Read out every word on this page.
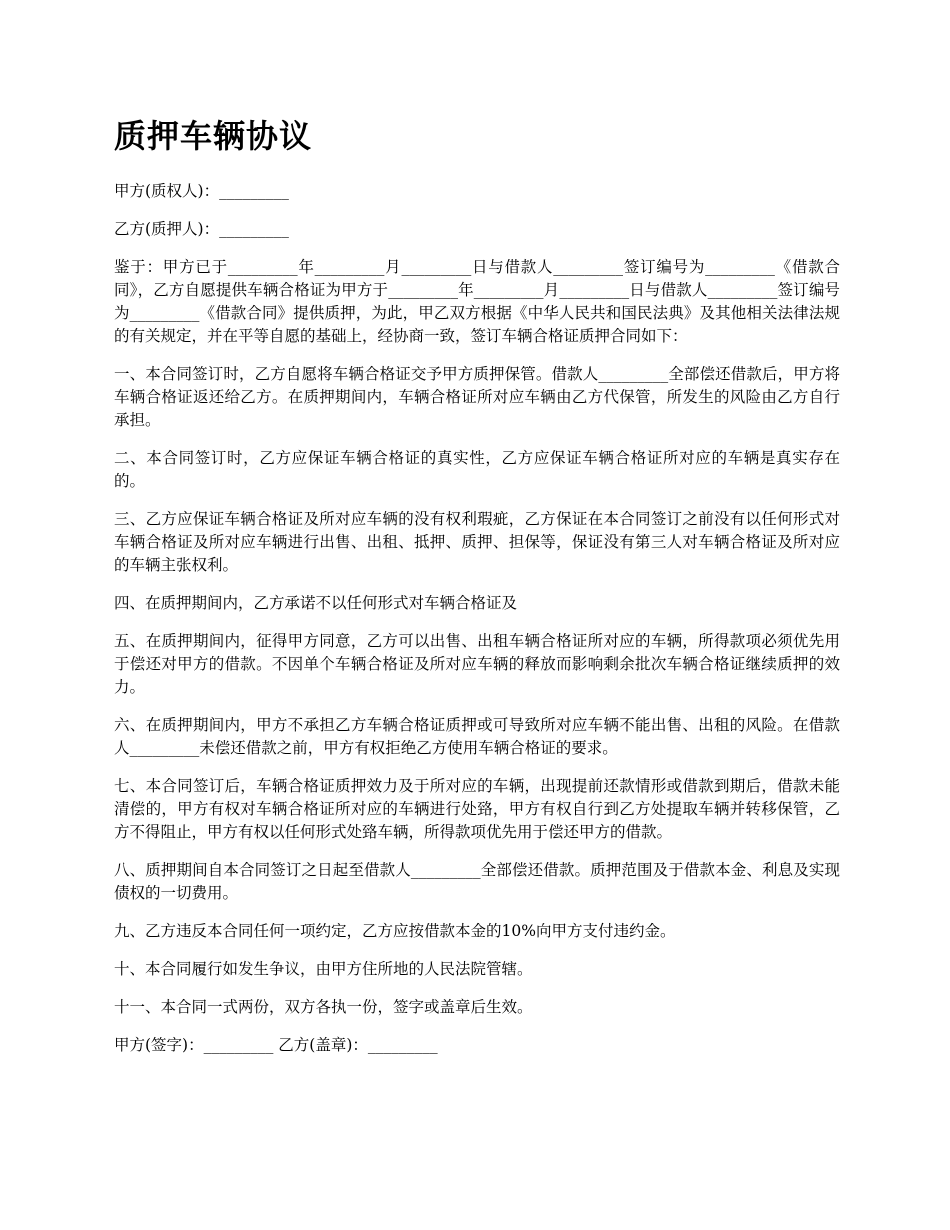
质押车辆协议

甲方(质权人)：_________

乙方(质押人)：_________

鉴于：甲方已于_________年_________月_________日与借款人_________签订编号为_________《借款合同》，乙方自愿提供车辆合格证为甲方于_________年_________月_________日与借款人_________签订编号为_________《借款合同》提供质押，为此，甲乙双方根据《中华人民共和国民法典》及其他相关法律法规的有关规定，并在平等自愿的基础上，经协商一致，签订车辆合格证质押合同如下：

一、本合同签订时，乙方自愿将车辆合格证交予甲方质押保管。借款人_________全部偿还借款后，甲方将车辆合格证返还给乙方。在质押期间内，车辆合格证所对应车辆由乙方代保管，所发生的风险由乙方自行承担。

二、本合同签订时，乙方应保证车辆合格证的真实性，乙方应保证车辆合格证所对应的车辆是真实存在的。

三、乙方应保证车辆合格证及所对应车辆的没有权利瑕疵，乙方保证在本合同签订之前没有以任何形式对车辆合格证及所对应车辆进行出售、出租、抵押、质押、担保等，保证没有第三人对车辆合格证及所对应的车辆主张权利。

四、在质押期间内，乙方承诺不以任何形式对车辆合格证及

五、在质押期间内，征得甲方同意，乙方可以出售、出租车辆合格证所对应的车辆，所得款项必须优先用于偿还对甲方的借款。不因单个车辆合格证及所对应车辆的释放而影响剩余批次车辆合格证继续质押的效力。

六、在质押期间内，甲方不承担乙方车辆合格证质押或可导致所对应车辆不能出售、出租的风险。在借款人_________未偿还借款之前，甲方有权拒绝乙方使用车辆合格证的要求。

七、本合同签订后，车辆合格证质押效力及于所对应的车辆，出现提前还款情形或借款到期后，借款未能清偿的，甲方有权对车辆合格证所对应的车辆进行处臵，甲方有权自行到乙方处提取车辆并转移保管，乙方不得阻止，甲方有权以任何形式处臵车辆，所得款项优先用于偿还甲方的借款。

八、质押期间自本合同签订之日起至借款人_________全部偿还借款。质押范围及于借款本金、利息及实现债权的一切费用。

九、乙方违反本合同任何一项约定，乙方应按借款本金的10%向甲方支付违约金。

十、本合同履行如发生争议，由甲方住所地的人民法院管辖。

十一、本合同一式两份，双方各执一份，签字或盖章后生效。

甲方(签字)：_________ 乙方(盖章)：_________
